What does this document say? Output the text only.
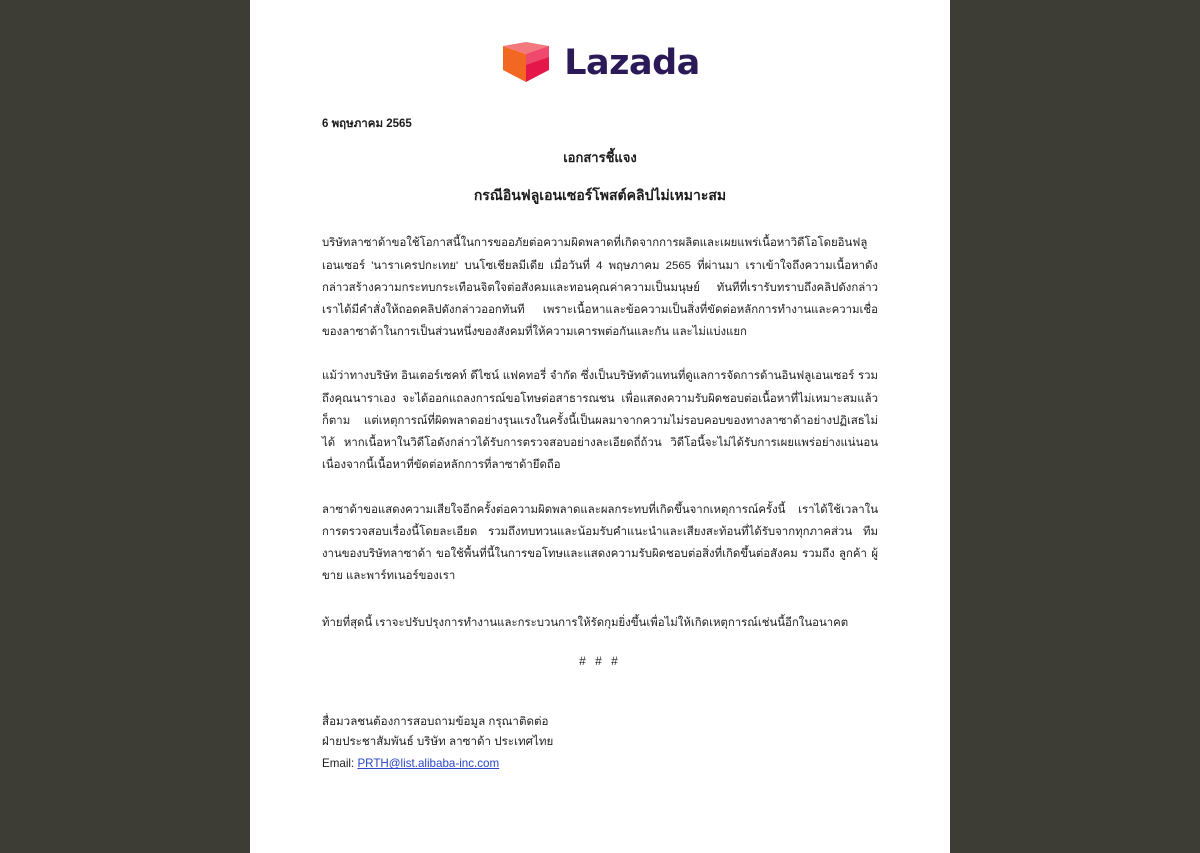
Lazada
6 พฤษภาคม 2565
เอกสารชี้แจง
กรณีอินฟลูเอนเซอร์โพสต์คลิปไม่เหมาะสม

บริษัทลาซาด้าขอใช้โอกาสนี้ในการขออภัยต่อความผิดพลาดที่เกิดจากการผลิตและเผยแพร่เนื้อหาวิดีโอโดยอินฟลูเอนเซอร์ 'นาราเครปกะเทย' บนโซเชียลมีเดีย เมื่อวันที่ 4 พฤษภาคม 2565 ที่ผ่านมา เราเข้าใจถึงความเนื้อหาดังกล่าวสร้างความกระทบกระเทือนจิตใจต่อสังคมและทอนคุณค่าความเป็นมนุษย์ ทันทีที่เรารับทราบถึงคลิปดังกล่าว เราได้มีคำสั่งให้ถอดคลิปดังกล่าวออกทันที เพราะเนื้อหาและข้อความเป็นสิ่งที่ขัดต่อหลักการทำงานและความเชื่อของลาซาด้าในการเป็นส่วนหนึ่งของสังคมที่ให้ความเคารพต่อกันและกัน และไม่แบ่งแยก

แม้ว่าทางบริษัท อินเตอร์เซคท์ ดีไซน์ แฟคทอรี่ จำกัด ซึ่งเป็นบริษัทตัวแทนที่ดูแลการจัดการด้านอินฟลูเอนเซอร์ รวมถึงคุณนาราเอง จะได้ออกแถลงการณ์ขอโทษต่อสาธารณชน เพื่อแสดงความรับผิดชอบต่อเนื้อหาที่ไม่เหมาะสมแล้วก็ตาม แต่เหตุการณ์ที่ผิดพลาดอย่างรุนแรงในครั้งนี้เป็นผลมาจากความไม่รอบคอบของทางลาซาด้าอย่างปฏิเสธไม่ได้ หากเนื้อหาในวิดีโอดังกล่าวได้รับการตรวจสอบอย่างละเอียดถี่ถ้วน วิดีโอนี้จะไม่ได้รับการเผยแพร่อย่างแน่นอน เนื่องจากนี้เนื้อหาที่ขัดต่อหลักการที่ลาซาด้ายึดถือ

ลาซาด้าขอแสดงความเสียใจอีกครั้งต่อความผิดพลาดและผลกระทบที่เกิดขึ้นจากเหตุการณ์ครั้งนี้ เราได้ใช้เวลาในการตรวจสอบเรื่องนี้โดยละเอียด รวมถึงทบทวนและน้อมรับคำแนะนำและเสียงสะท้อนที่ได้รับจากทุกภาคส่วน ทีมงานของบริษัทลาซาด้า ขอใช้พื้นที่นี้ในการขอโทษและแสดงความรับผิดชอบต่อสิ่งที่เกิดขึ้นต่อสังคม รวมถึง ลูกค้า ผู้ขาย และพาร์ทเนอร์ของเรา

ท้ายที่สุดนี้ เราจะปรับปรุงการทำงานและกระบวนการให้รัดกุมยิ่งขึ้นเพื่อไม่ให้เกิดเหตุการณ์เช่นนี้อีกในอนาคต

# # #
สื่อมวลชนต้องการสอบถามข้อมูล กรุณาติดต่อ
ฝ่ายประชาสัมพันธ์ บริษัท ลาซาด้า ประเทศไทย
Email: PRTH@list.alibaba-inc.com
